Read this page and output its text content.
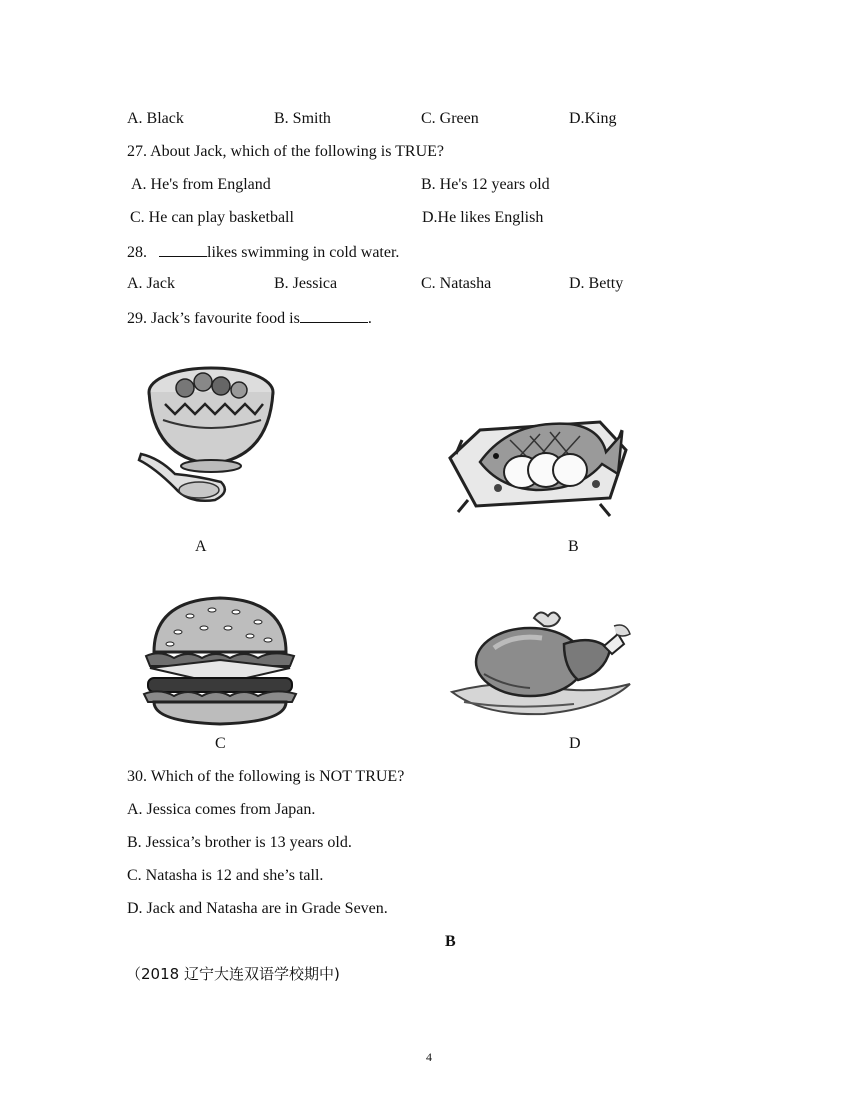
A. Black	B. Smith	C. Green	D.King
27. About Jack, which of the following is TRUE?
A. He's from England	B. He's 12 years old
C. He can play basketball	D.He likes English
28.	likes swimming in cold water.
A. Jack	B. Jessica	C. Natasha	D. Betty
29. Jack’s favourite food is	.
A	B
C	D
30. Which of the following is NOT TRUE?
A. Jessica comes from Japan.
B. Jessica’s brother is 13 years old.
C. Natasha is 12 and she’s tall.
D. Jack and Natasha are in Grade Seven.
B
（2018 辽宁大连双语学校期中)
4
